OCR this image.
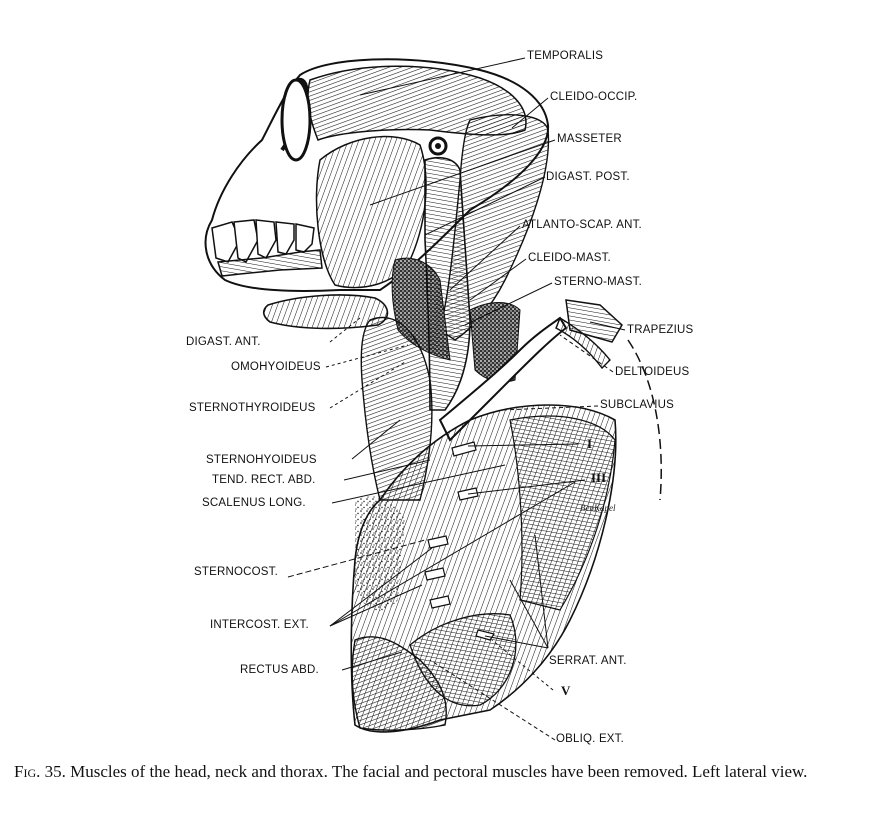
TEMPORALIS
CLEIDO-OCCIP.
MASSETER
DIGAST. POST.
ATLANTO-SCAP. ANT.
CLEIDO-MAST.
STERNO-MAST.
TRAPEZIUS
DELTOIDEUS
SUBCLAVIUS
I
III
BenKapel
DIGAST. ANT.
OMOHYOIDEUS
STERNOTHYROIDEUS
STERNOHYOIDEUS
TEND. RECT. ABD.
SCALENUS LONG.
STERNOCOST.
INTERCOST. EXT.
RECTUS ABD.
SERRAT. ANT.
V
OBLIQ. EXT.
Fig. 35. Muscles of the head, neck and thorax. The facial and pectoral muscles have been removed. Left lateral view.
